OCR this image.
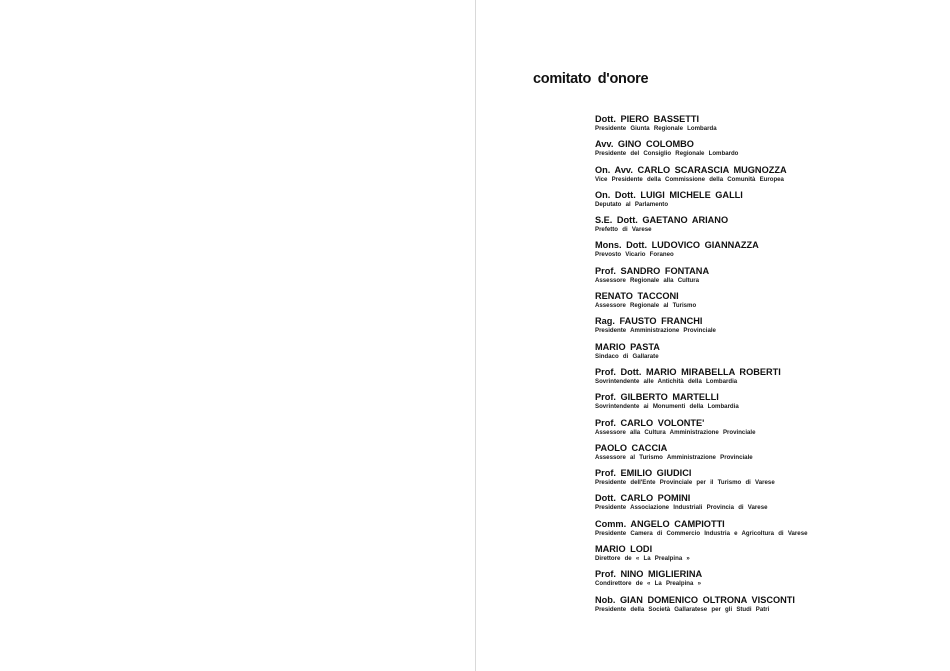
comitato d'onore
Dott. PIERO BASSETTI
Presidente Giunta Regionale Lombarda
Avv. GINO COLOMBO
Presidente del Consiglio Regionale Lombardo
On. Avv. CARLO SCARASCIA MUGNOZZA
Vice Presidente della Commissione della Comunità Europea
On. Dott. LUIGI MICHELE GALLI
Deputato al Parlamento
S.E. Dott. GAETANO ARIANO
Prefetto di Varese
Mons. Dott. LUDOVICO GIANNAZZA
Prevosto Vicario Foraneo
Prof. SANDRO FONTANA
Assessore Regionale alla Cultura
RENATO TACCONI
Assessore Regionale al Turismo
Rag. FAUSTO FRANCHI
Presidente Amministrazione Provinciale
MARIO PASTA
Sindaco di Gallarate
Prof. Dott. MARIO MIRABELLA ROBERTI
Sovrintendente alle Antichità della Lombardia
Prof. GILBERTO MARTELLI
Sovrintendente ai Monumenti della Lombardia
Prof. CARLO VOLONTE'
Assessore alla Cultura Amministrazione Provinciale
PAOLO CACCIA
Assessore al Turismo Amministrazione Provinciale
Prof. EMILIO GIUDICI
Presidente dell'Ente Provinciale per il Turismo di Varese
Dott. CARLO POMINI
Presidente Associazione Industriali Provincia di Varese
Comm. ANGELO CAMPIOTTI
Presidente Camera di Commercio Industria e Agricoltura di Varese
MARIO LODI
Direttore de « La Prealpina »
Prof. NINO MIGLIERINA
Condirettore de « La Prealpina »
Nob. GIAN DOMENICO OLTRONA VISCONTI
Presidente della Società Gallaratese per gli Studi Patri
